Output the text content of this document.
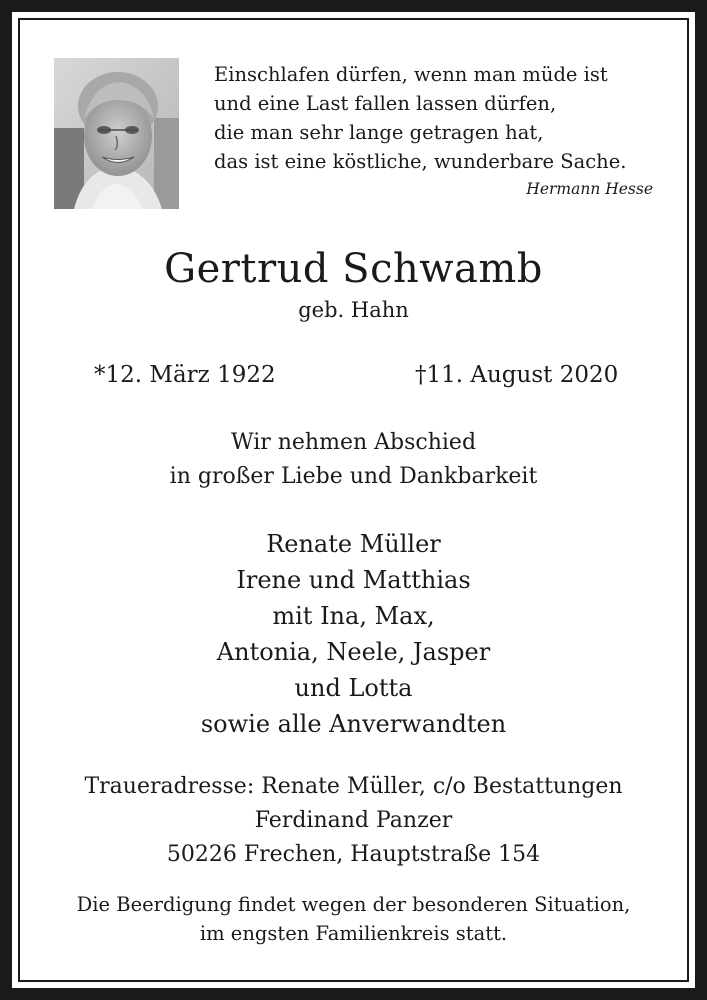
Einschlafen dürfen, wenn man müde ist
und eine Last fallen lassen dürfen,
die man sehr lange getragen hat,
das ist eine köstliche, wunderbare Sache.
Hermann Hesse
Gertrud Schwamb
geb. Hahn
*12. März 1922	†11. August 2020
Wir nehmen Abschied
in großer Liebe und Dankbarkeit
Renate Müller
Irene und Matthias
mit Ina, Max,
Antonia, Neele, Jasper
und Lotta
sowie alle Anverwandten
Traueradresse: Renate Müller, c/o Bestattungen
Ferdinand Panzer
50226 Frechen, Hauptstraße 154
Die Beerdigung findet wegen der besonderen Situation,
im engsten Familienkreis statt.
